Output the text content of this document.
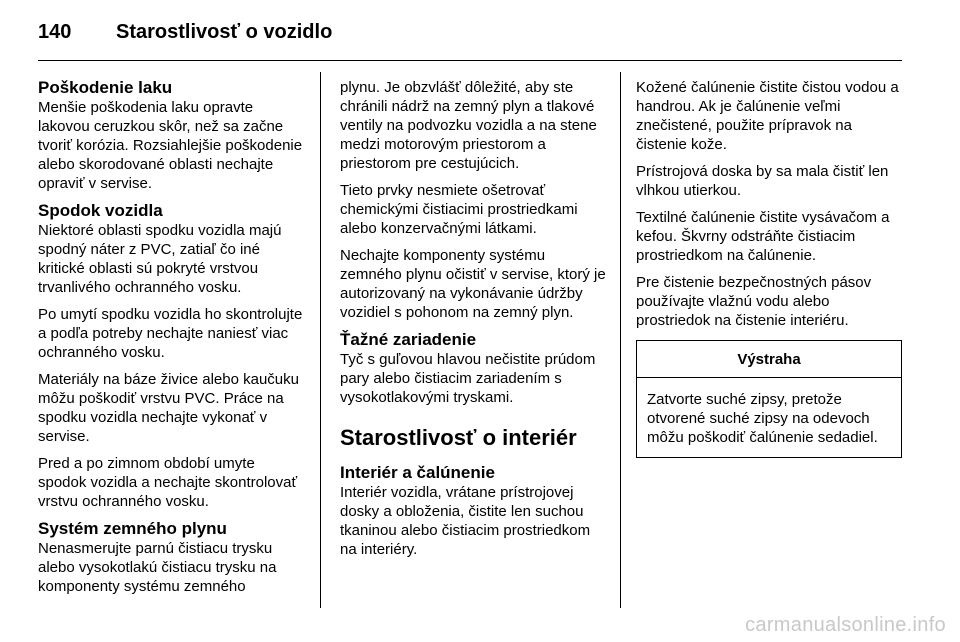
140 Starostlivosť o vozidlo
Poškodenie laku

Menšie poškodenia laku opravte lakovou ceruzkou skôr, než sa začne tvoriť korózia. Rozsiahlejšie poškodenie alebo skorodované oblasti nechajte opraviť v servise.

Spodok vozidla

Niektoré oblasti spodku vozidla majú spodný náter z PVC, zatiaľ čo iné kritické oblasti sú pokryté vrstvou trvanlivého ochranného vosku.

Po umytí spodku vozidla ho skontrolujte a podľa potreby nechajte naniesť viac ochranného vosku.

Materiály na báze živice alebo kaučuku môžu poškodiť vrstvu PVC. Práce na spodku vozidla nechajte vykonať v servise.

Pred a po zimnom období umyte spodok vozidla a nechajte skontrolovať vrstvu ochranného vosku.

Systém zemného plynu

Nenasmerujte parnú čistiacu trysku alebo vysokotlakú čistiacu trysku na komponenty systému zemného

plynu. Je obzvlášť dôležité, aby ste chránili nádrž na zemný plyn a tlakové ventily na podvozku vozidla a na stene medzi motorovým priestorom a priestorom pre cestujúcich.

Tieto prvky nesmiete ošetrovať chemickými čistiacimi prostriedkami alebo konzervačnými látkami.

Nechajte komponenty systému zemného plynu očistiť v servise, ktorý je autorizovaný na vykonávanie údržby vozidiel s pohonom na zemný plyn.

Ťažné zariadenie

Tyč s guľovou hlavou nečistite prúdom pary alebo čistiacim zariadením s vysokotlakovými tryskami.

Starostlivosť o interiér
Interiér a čalúnenie

Interiér vozidla, vrátane prístrojovej dosky a obloženia, čistite len suchou tkaninou alebo čistiacim prostriedkom na interiéry.

Kožené čalúnenie čistite čistou vodou a handrou. Ak je čalúnenie veľmi znečistené, použite prípravok na čistenie kože.

Prístrojová doska by sa mala čistiť len vlhkou utierkou.

Textilné čalúnenie čistite vysávačom a kefou. Škvrny odstráňte čistiacim prostriedkom na čalúnenie.

Pre čistenie bezpečnostných pásov používajte vlažnú vodu alebo prostriedok na čistenie interiéru.

Výstraha
Zatvorte suché zipsy, pretože otvorené suché zipsy na odevoch môžu poškodiť čalúnenie sedadiel.
carmanualsonline.info
